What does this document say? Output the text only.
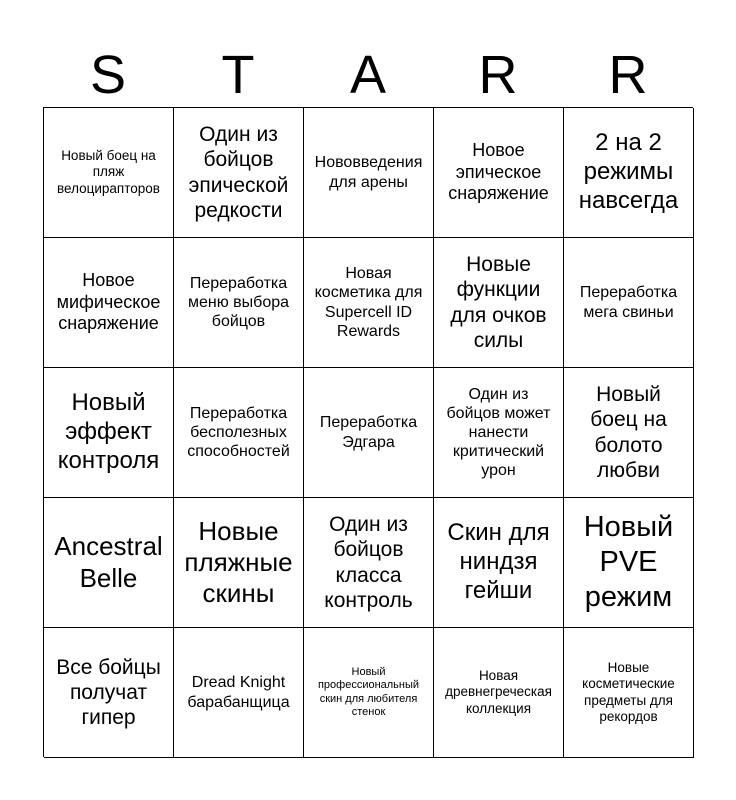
S	T	A	R	R
Новый боец на пляж велоцирапторов
Один из бойцов эпической редкости
Нововведения для арены
Новое эпическое снаряжение
2 на 2 режимы навсегда
Новое мифическое снаряжение
Переработка меню выбора бойцов
Новая косметика для Supercell ID Rewards
Новые функции для очков силы
Переработка мега свиньи
Новый эффект контроля
Переработка бесполезных способностей
Переработка Эдгара
Один из бойцов может нанести критический урон
Новый боец на болото любви
Ancestral Belle
Новые пляжные скины
Один из бойцов класса контроль
Скин для ниндзя гейши
Новый PVE режим
Все бойцы получат гипер
Dread Knight барабанщица
Новый профессиональный скин для любителя стенок
Новая древнегреческая коллекция
Новые косметические предметы для рекордов
